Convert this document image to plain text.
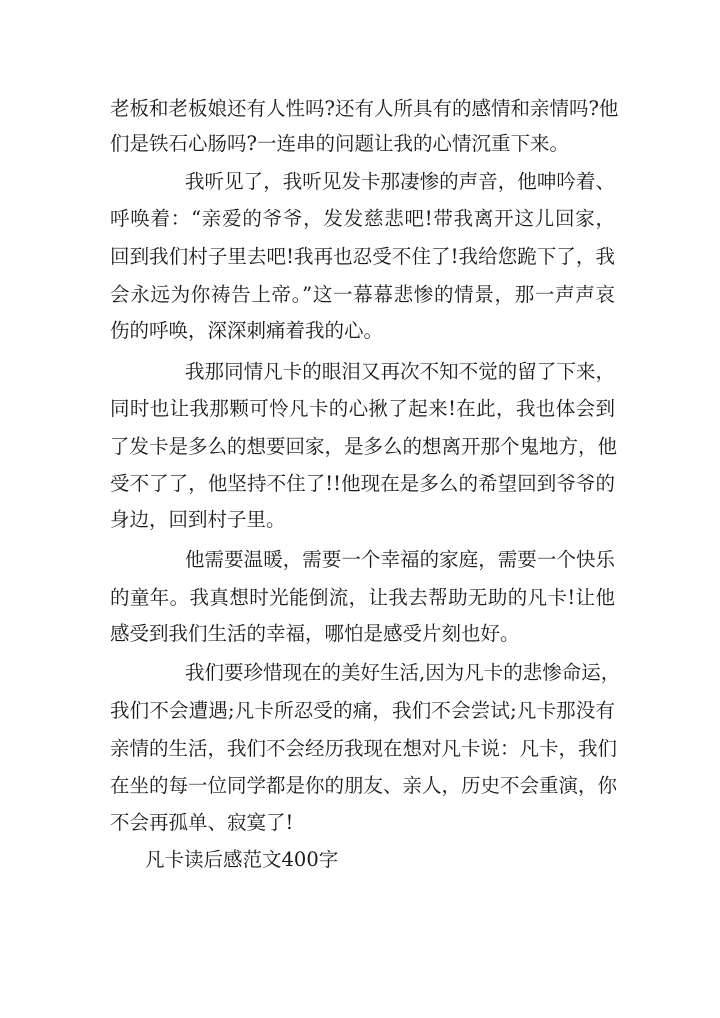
老板和老板娘还有人性吗?还有人所具有的感情和亲情吗?他
们是铁石心肠吗?一连串的问题让我的心情沉重下来。
我听见了，我听见发卡那凄惨的声音，他呻吟着、
呼唤着：“亲爱的爷爷，发发慈悲吧!带我离开这儿回家，
回到我们村子里去吧!我再也忍受不住了!我给您跪下了，我
会永远为你祷告上帝。”这一幕幕悲惨的情景，那一声声哀
伤的呼唤，深深刺痛着我的心。
我那同情凡卡的眼泪又再次不知不觉的留了下来，
同时也让我那颗可怜凡卡的心揪了起来!在此，我也体会到
了发卡是多么的想要回家，是多么的想离开那个鬼地方，他
受不了了，他坚持不住了!!他现在是多么的希望回到爷爷的
身边，回到村子里。
他需要温暖，需要一个幸福的家庭，需要一个快乐
的童年。我真想时光能倒流，让我去帮助无助的凡卡!让他
感受到我们生活的幸福，哪怕是感受片刻也好。
我们要珍惜现在的美好生活,因为凡卡的悲惨命运，
我们不会遭遇;凡卡所忍受的痛，我们不会尝试;凡卡那没有
亲情的生活，我们不会经历我现在想对凡卡说：凡卡，我们
在坐的每一位同学都是你的朋友、亲人，历史不会重演，你
不会再孤单、寂寞了!
凡卡读后感范文400字
